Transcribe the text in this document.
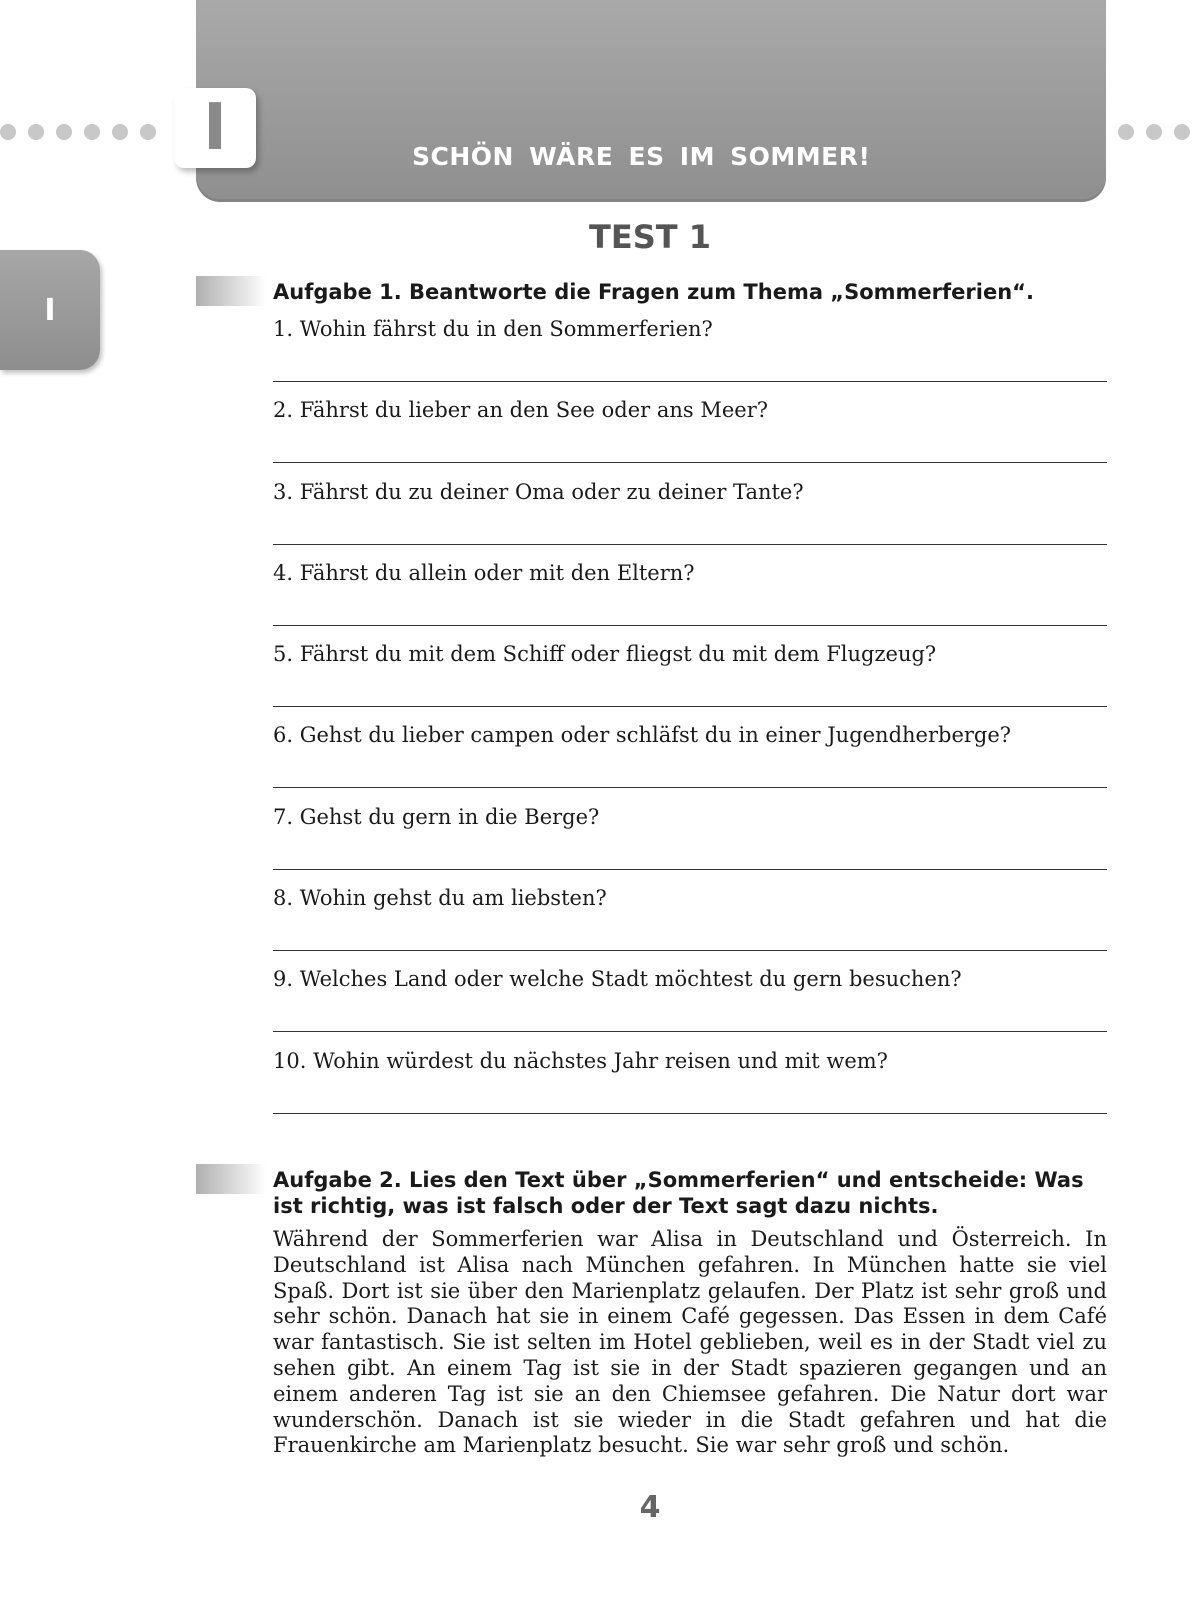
I	SCHÖN WÄRE ES IM SOMMER!
I
TEST 1
Aufgabe 1. Beantworte die Fragen zum Thema „Sommerferien“.
1. Wohin fährst du in den Sommerferien?
2. Fährst du lieber an den See oder ans Meer?
3. Fährst du zu deiner Oma oder zu deiner Tante?
4. Fährst du allein oder mit den Eltern?
5. Fährst du mit dem Schiff oder fliegst du mit dem Flugzeug?
6. Gehst du lieber campen oder schläfst du in einer Jugendherberge?
7. Gehst du gern in die Berge?
8. Wohin gehst du am liebsten?
9. Welches Land oder welche Stadt möchtest du gern besuchen?
10. Wohin würdest du nächstes Jahr reisen und mit wem?
Aufgabe 2. Lies den Text über „Sommerferien“ und entscheide: Was ist richtig, was ist falsch oder der Text sagt dazu nichts.

Während der Sommerferien war Alisa in Deutschland und Österreich. In Deutschland ist Alisa nach München gefahren. In München hatte sie viel Spaß. Dort ist sie über den Marienplatz gelaufen. Der Platz ist sehr groß und sehr schön. Danach hat sie in einem Café gegessen. Das Essen in dem Café war fantastisch. Sie ist selten im Hotel geblieben, weil es in der Stadt viel zu sehen gibt. An einem Tag ist sie in der Stadt spazieren gegangen und an einem anderen Tag ist sie an den Chiemsee gefahren. Die Natur dort war wunderschön. Danach ist sie wieder in die Stadt gefahren und hat die Frauenkirche am Marienplatz besucht. Sie war sehr groß und schön.

4
